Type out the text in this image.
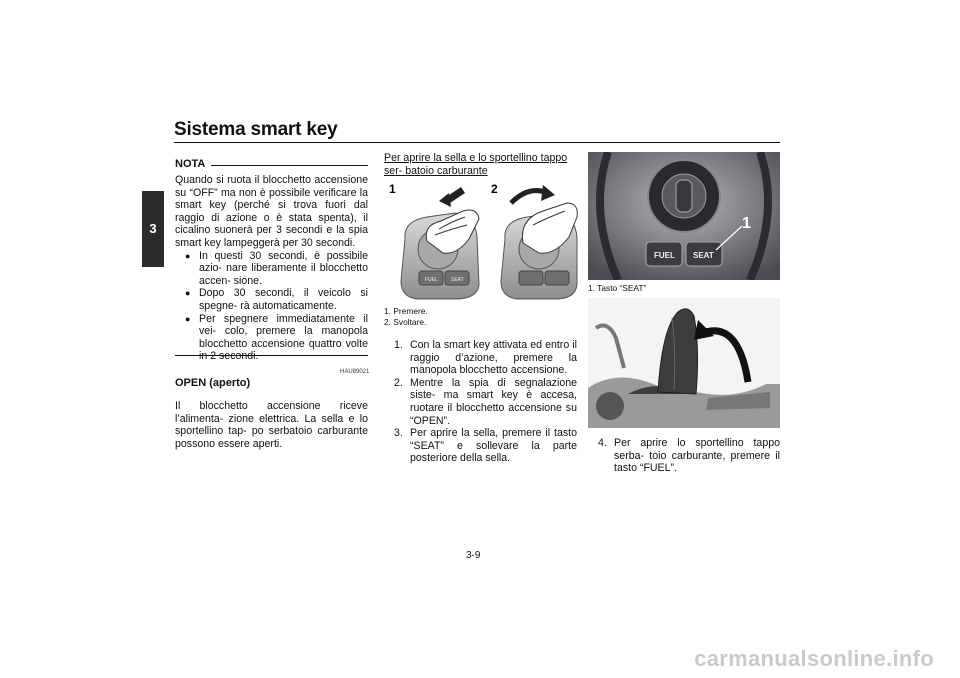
Sistema smart key
3
NOTA

Quando si ruota il blocchetto accensione su “OFF” ma non è possibile verificare la smart key (perché si trova fuori dal raggio di azione o è stata spenta), il cicalino suonerà per 3 secondi e la spia smart key lampeggerà per 30 secondi.

● In questi 30 secondi, è possibile azio- nare liberamente il blocchetto accen- sione.
● Dopo 30 secondi, il veicolo si spegne- rà automaticamente.
● Per spegnere immediatamente il vei- colo, premere la manopola blocchetto accensione quattro volte in 2 secondi.
HAU89021
OPEN (aperto)

Il blocchetto accensione riceve l’alimenta- zione elettrica. La sella e lo sportellino tap- po serbatoio carburante possono essere aperti.

Per aprire la sella e lo sportellino tappo ser- batoio carburante
FUEL	SEAT
1	2
1. Premere.
2. Svoltare.
1. Con la smart key attivata ed entro il raggio d’azione, premere la manopola blocchetto accensione.
2. Mentre la spia di segnalazione siste- ma smart key è accesa, ruotare il blocchetto accensione su “OPEN”.
3. Per aprire la sella, premere il tasto “SEAT” e sollevare la parte posteriore della sella.
FUEL SEAT
1
1. Tasto “SEAT”
4. Per aprire lo sportellino tappo serba- toio carburante, premere il tasto “FUEL”.
3-9
carmanualsonline.info
